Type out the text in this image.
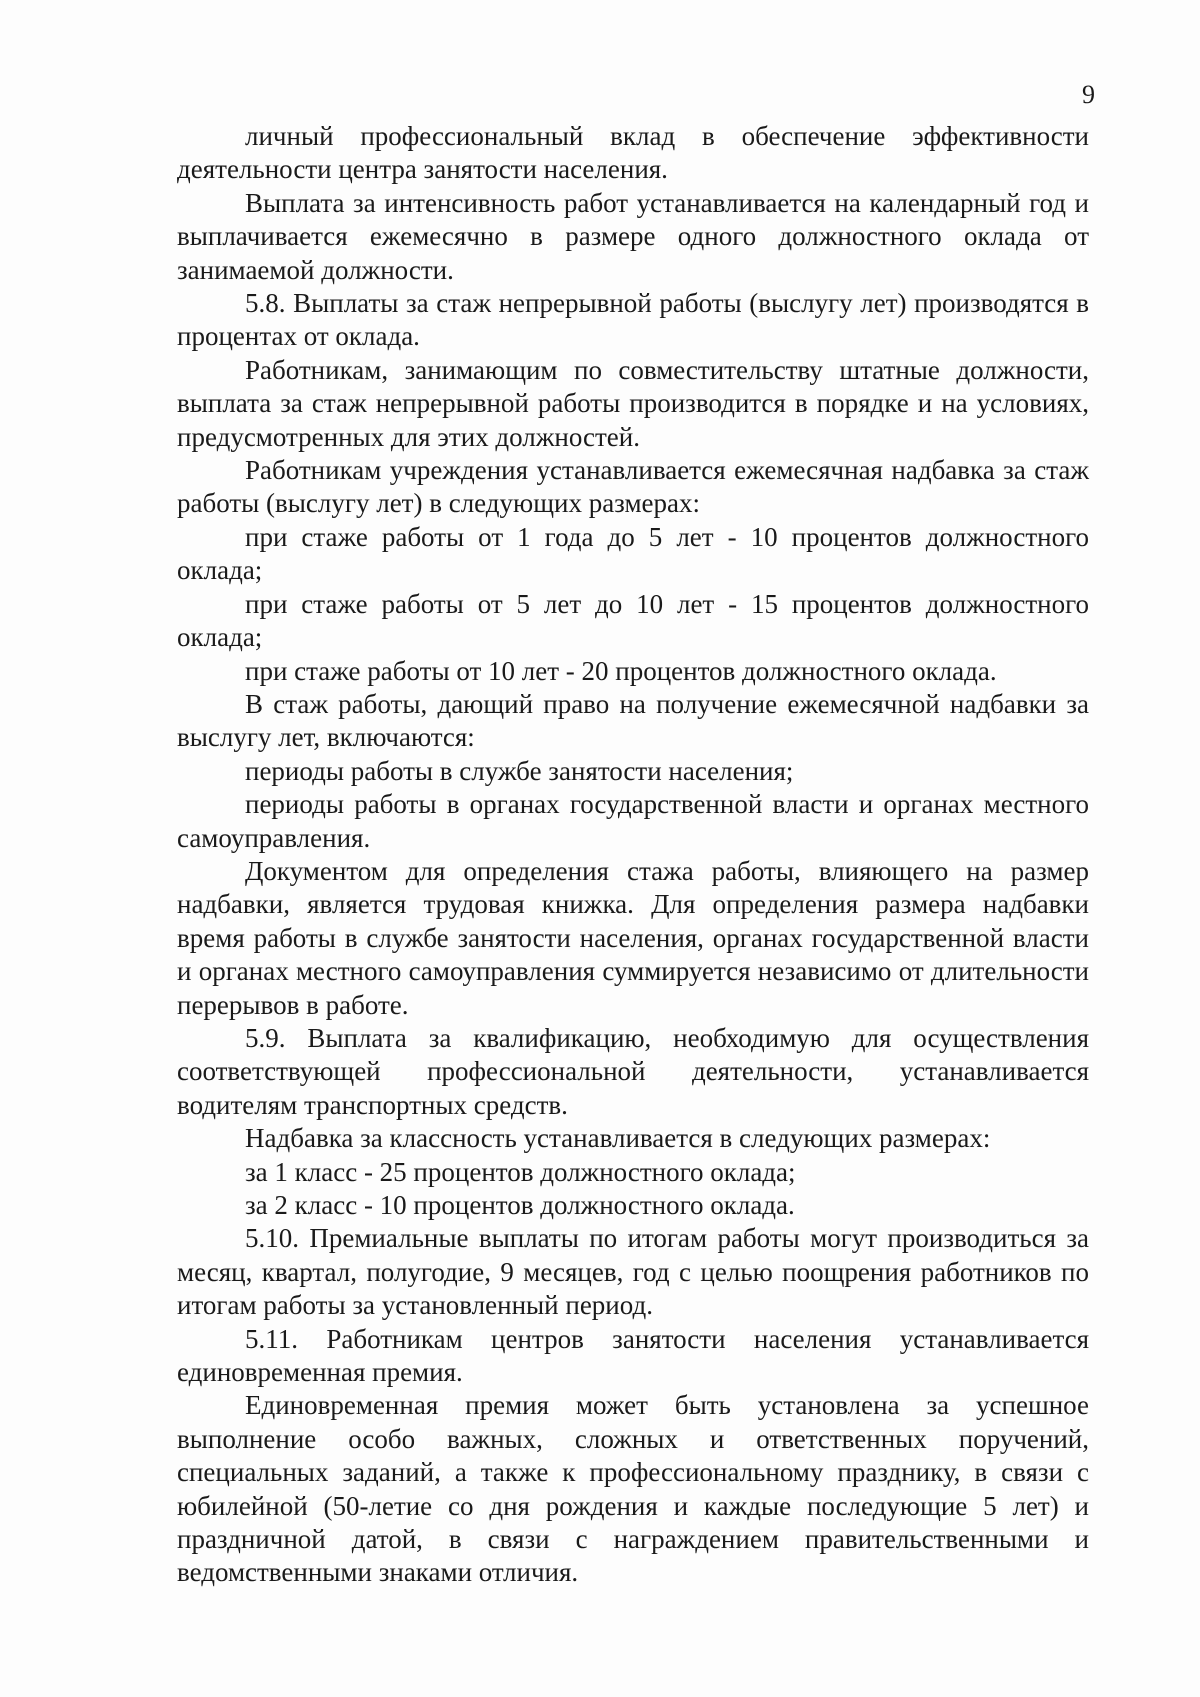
9

личный профессиональный вклад в обеспечение эффективности деятельности центра занятости населения.

Выплата за интенсивность работ устанавливается на календарный год и выплачивается ежемесячно в размере одного должностного оклада от занимаемой должности.

5.8. Выплаты за стаж непрерывной работы (выслугу лет) производятся в процентах от оклада.

Работникам, занимающим по совместительству штатные должности, выплата за стаж непрерывной работы производится в порядке и на условиях, предусмотренных для этих должностей.

Работникам учреждения устанавливается ежемесячная надбавка за стаж работы (выслугу лет) в следующих размерах:

при стаже работы от 1 года до 5 лет - 10 процентов должностного оклада;

при стаже работы от 5 лет до 10 лет - 15 процентов должностного оклада;

при стаже работы от 10 лет - 20 процентов должностного оклада.

В стаж работы, дающий право на получение ежемесячной надбавки за выслугу лет, включаются:

периоды работы в службе занятости населения;

периоды работы в органах государственной власти и органах местного самоуправления.

Документом для определения стажа работы, влияющего на размер надбавки, является трудовая книжка. Для определения размера надбавки время работы в службе занятости населения, органах государственной власти и органах местного самоуправления суммируется независимо от длительности перерывов в работе.

5.9. Выплата за квалификацию, необходимую для осуществления соответствующей профессиональной деятельности, устанавливается водителям транспортных средств.

Надбавка за классность устанавливается в следующих размерах:

за 1 класс - 25 процентов должностного оклада;

за 2 класс - 10 процентов должностного оклада.

5.10. Премиальные выплаты по итогам работы могут производиться за месяц, квартал, полугодие, 9 месяцев, год с целью поощрения работников по итогам работы за установленный период.

5.11. Работникам центров занятости населения устанавливается единовременная премия.

Единовременная премия может быть установлена за успешное выполнение особо важных, сложных и ответственных поручений, специальных заданий, а также к профессиональному празднику, в связи с юбилейной (50-летие со дня рождения и каждые последующие 5 лет) и праздничной датой, в связи с награждением правительственными и ведомственными знаками отличия.
